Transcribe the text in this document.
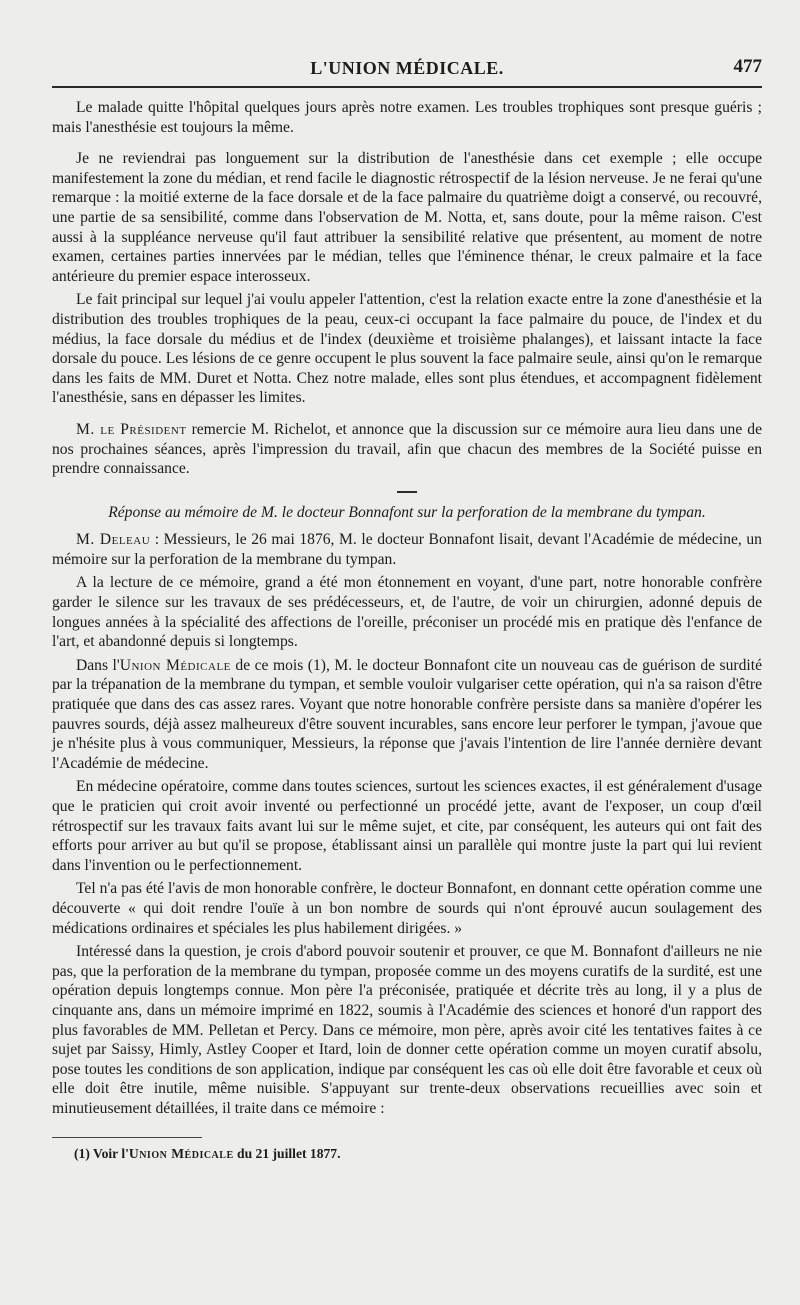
L'UNION MÉDICALE.	477

Le malade quitte l'hôpital quelques jours après notre examen. Les troubles trophiques sont presque guéris ; mais l'anesthésie est toujours la même.

Je ne reviendrai pas longuement sur la distribution de l'anesthésie dans cet exemple ; elle occupe manifestement la zone du médian, et rend facile le diagnostic rétrospectif de la lésion nerveuse. Je ne ferai qu'une remarque : la moitié externe de la face dorsale et de la face palmaire du quatrième doigt a conservé, ou recouvré, une partie de sa sensibilité, comme dans l'observation de M. Notta, et, sans doute, pour la même raison. C'est aussi à la suppléance nerveuse qu'il faut attribuer la sensibilité relative que présentent, au moment de notre examen, certaines parties innervées par le médian, telles que l'éminence thénar, le creux palmaire et la face antérieure du premier espace interosseux.

Le fait principal sur lequel j'ai voulu appeler l'attention, c'est la relation exacte entre la zone d'anesthésie et la distribution des troubles trophiques de la peau, ceux-ci occupant la face palmaire du pouce, de l'index et du médius, la face dorsale du médius et de l'index (deuxième et troisième phalanges), et laissant intacte la face dorsale du pouce. Les lésions de ce genre occupent le plus souvent la face palmaire seule, ainsi qu'on le remarque dans les faits de MM. Duret et Notta. Chez notre malade, elles sont plus étendues, et accompagnent fidèlement l'anesthésie, sans en dépasser les limites.

M. le Président remercie M. Richelot, et annonce que la discussion sur ce mémoire aura lieu dans une de nos prochaines séances, après l'impression du travail, afin que chacun des membres de la Société puisse en prendre connaissance.

Réponse au mémoire de M. le docteur Bonnafont sur la perforation de la membrane du tympan.

M. Deleau : Messieurs, le 26 mai 1876, M. le docteur Bonnafont lisait, devant l'Académie de médecine, un mémoire sur la perforation de la membrane du tympan.

A la lecture de ce mémoire, grand a été mon étonnement en voyant, d'une part, notre honorable confrère garder le silence sur les travaux de ses prédécesseurs, et, de l'autre, de voir un chirurgien, adonné depuis de longues années à la spécialité des affections de l'oreille, préconiser un procédé mis en pratique dès l'enfance de l'art, et abandonné depuis si longtemps.

Dans l'Union Médicale de ce mois (1), M. le docteur Bonnafont cite un nouveau cas de guérison de surdité par la trépanation de la membrane du tympan, et semble vouloir vulgariser cette opération, qui n'a sa raison d'être pratiquée que dans des cas assez rares. Voyant que notre honorable confrère persiste dans sa manière d'opérer les pauvres sourds, déjà assez malheureux d'être souvent incurables, sans encore leur perforer le tympan, j'avoue que je n'hésite plus à vous communiquer, Messieurs, la réponse que j'avais l'intention de lire l'année dernière devant l'Académie de médecine.

En médecine opératoire, comme dans toutes sciences, surtout les sciences exactes, il est généralement d'usage que le praticien qui croit avoir inventé ou perfectionné un procédé jette, avant de l'exposer, un coup d'œil rétrospectif sur les travaux faits avant lui sur le même sujet, et cite, par conséquent, les auteurs qui ont fait des efforts pour arriver au but qu'il se propose, établissant ainsi un parallèle qui montre juste la part qui lui revient dans l'invention ou le perfectionnement.

Tel n'a pas été l'avis de mon honorable confrère, le docteur Bonnafont, en donnant cette opération comme une découverte « qui doit rendre l'ouïe à un bon nombre de sourds qui n'ont éprouvé aucun soulagement des médications ordinaires et spéciales les plus habilement dirigées. »

Intéressé dans la question, je crois d'abord pouvoir soutenir et prouver, ce que M. Bonnafont d'ailleurs ne nie pas, que la perforation de la membrane du tympan, proposée comme un des moyens curatifs de la surdité, est une opération depuis longtemps connue. Mon père l'a préconisée, pratiquée et décrite très au long, il y a plus de cinquante ans, dans un mémoire imprimé en 1822, soumis à l'Académie des sciences et honoré d'un rapport des plus favorables de MM. Pelletan et Percy. Dans ce mémoire, mon père, après avoir cité les tentatives faites à ce sujet par Saissy, Himly, Astley Cooper et Itard, loin de donner cette opération comme un moyen curatif absolu, pose toutes les conditions de son application, indique par conséquent les cas où elle doit être favorable et ceux où elle doit être inutile, même nuisible. S'appuyant sur trente-deux observations recueillies avec soin et minutieusement détaillées, il traite dans ce mémoire :

(1) Voir l'Union Médicale du 21 juillet 1877.
